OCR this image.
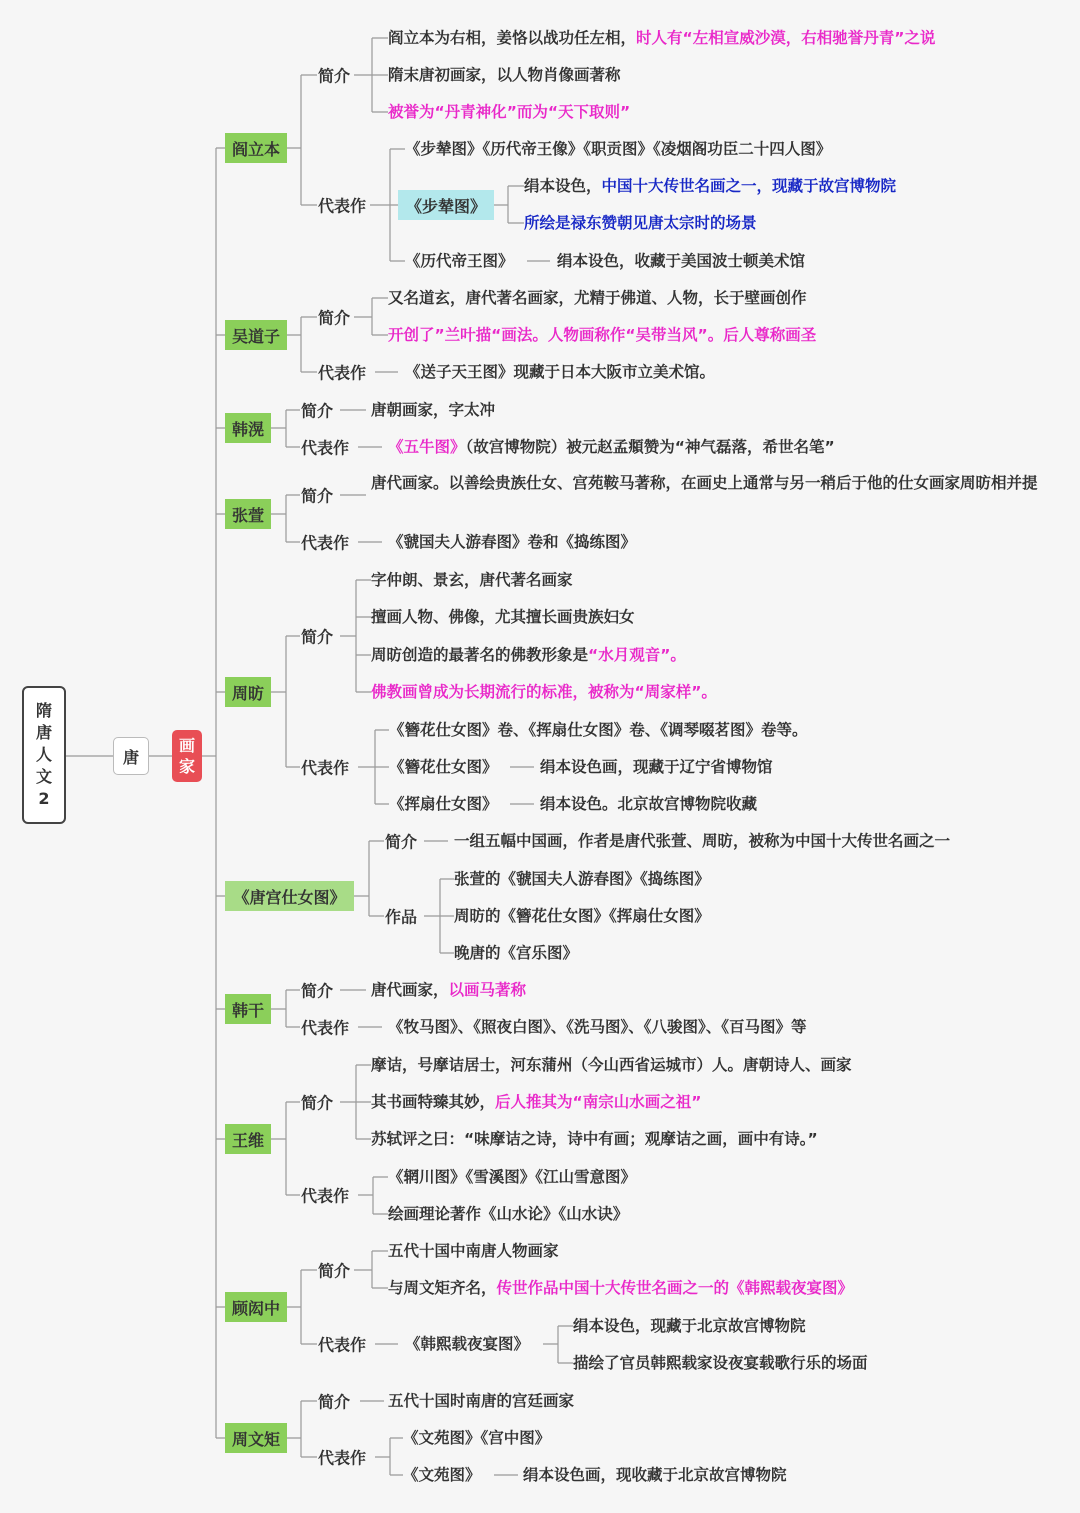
隋
唐
人
文
2
唐
画
家
阎立本
简介
代表作
阎立本为右相，姜恪以战功任左相，时人有“左相宣威沙漠，右相驰誉丹青”之说
隋末唐初画家，以人物肖像画著称
被誉为“丹青神化”而为“天下取则”
《步辇图》《历代帝王像》《职贡图》《凌烟阁功臣二十四人图》
《步辇图》
绢本设色，中国十大传世名画之一，现藏于故宫博物院
所绘是禄东赞朝见唐太宗时的场景
《历代帝王图》	绢本设色，收藏于美国波士顿美术馆
吴道子
简介
代表作
又名道玄，唐代著名画家，尤精于佛道、人物，长于壁画创作
开创了”兰叶描“画法。人物画称作“吴带当风”。后人尊称画圣
《送子天王图》现藏于日本大阪市立美术馆。
韩滉
简介
代表作
唐朝画家，字太冲
《五牛图》（故宫博物院）被元赵孟頫赞为“神气磊落，希世名笔”
张萱
简介
代表作
唐代画家。以善绘贵族仕女、宫苑鞍马著称，在画史上通常与另一稍后于他的仕女画家周昉相并提
《虢国夫人游春图》卷和《捣练图》
周昉
简介
代表作
字仲朗、景玄，唐代著名画家
擅画人物、佛像，尤其擅长画贵族妇女
周昉创造的最著名的佛教形象是“水月观音”。
佛教画曾成为长期流行的标准，被称为“周家样”。
《簪花仕女图》卷、《挥扇仕女图》卷、《调琴啜茗图》卷等。
《簪花仕女图》	绢本设色画，现藏于辽宁省博物馆
《挥扇仕女图》	绢本设色。北京故宫博物院收藏
《唐宫仕女图》
简介
作品
一组五幅中国画，作者是唐代张萱、周昉，被称为中国十大传世名画之一
张萱的《虢国夫人游春图》《捣练图》
周昉的《簪花仕女图》《挥扇仕女图》
晚唐的《宫乐图》
韩干
简介
代表作
唐代画家，以画马著称
《牧马图》、《照夜白图》、《洗马图》、《八骏图》、《百马图》等
王维
简介
代表作
摩诘，号摩诘居士，河东蒲州（今山西省运城市）人。唐朝诗人、画家
其书画特臻其妙，后人推其为“南宗山水画之祖”
苏轼评之曰：“味摩诘之诗，诗中有画；观摩诘之画，画中有诗。”
《辋川图》《雪溪图》《江山雪意图》
绘画理论著作《山水论》《山水诀》
顾闳中
简介
代表作
五代十国中南唐人物画家
与周文矩齐名，传世作品中国十大传世名画之一的《韩熙载夜宴图》
《韩熙载夜宴图》
绢本设色，现藏于北京故宫博物院
描绘了官员韩熙载家设夜宴载歌行乐的场面
周文矩
简介
代表作
五代十国时南唐的宫廷画家
《文苑图》《宫中图》
《文苑图》	绢本设色画，现收藏于北京故宫博物院
